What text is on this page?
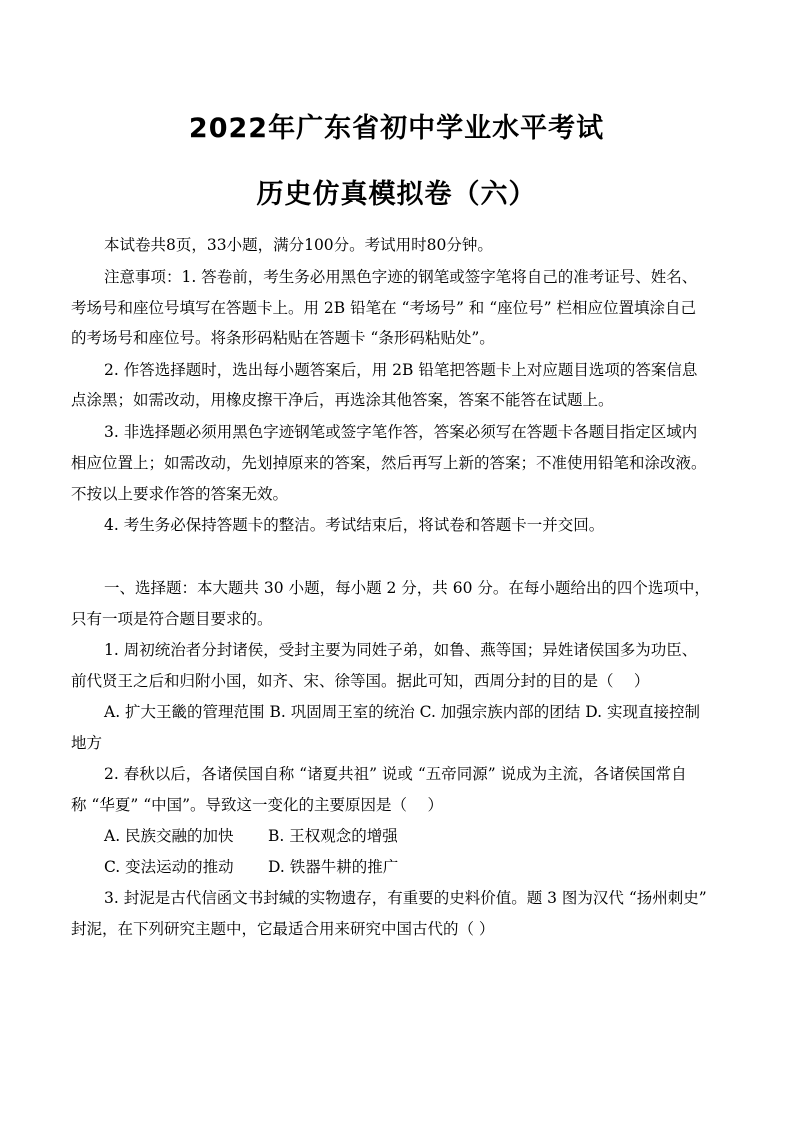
2022年广东省初中学业水平考试
历史仿真模拟卷（六）
本试卷共8页，33小题，满分100分。考试用时80分钟。
注意事项：1. 答卷前，考生务必用黑色字迹的钢笔或签字笔将自己的准考证号、姓名、
考场号和座位号填写在答题卡上。用 2B 铅笔在 “考场号” 和 “座位号” 栏相应位置填涂自己
的考场号和座位号。将条形码粘贴在答题卡 “条形码粘贴处”。
2. 作答选择题时，选出每小题答案后，用 2B 铅笔把答题卡上对应题目选项的答案信息
点涂黑；如需改动，用橡皮擦干净后，再选涂其他答案，答案不能答在试题上。
3. 非选择题必须用黑色字迹钢笔或签字笔作答，答案必须写在答题卡各题目指定区域内
相应位置上；如需改动，先划掉原来的答案，然后再写上新的答案；不准使用铅笔和涂改液。
不按以上要求作答的答案无效。
4. 考生务必保持答题卡的整洁。考试结束后，将试卷和答题卡一并交回。
一、选择题：本大题共 30 小题，每小题 2 分，共 60 分。在每小题给出的四个选项中，
只有一项是符合题目要求的。
1. 周初统治者分封诸侯，受封主要为同姓子弟，如鲁、燕等国；异姓诸侯国多为功臣、
前代贤王之后和归附小国，如齐、宋、徐等国。据此可知，西周分封的目的是（　 ）
A. 扩大王畿的管理范围 B. 巩固周王室的统治 C. 加强宗族内部的团结 D. 实现直接控制
地方
2. 春秋以后，各诸侯国自称 “诸夏共祖” 说或 “五帝同源” 说成为主流，各诸侯国常自
称 “华夏” “中国”。导致这一变化的主要原因是（　 ）
A. 民族交融的加快 B. 王权观念的增强
C. 变法运动的推动 D. 铁器牛耕的推广
3. 封泥是古代信函文书封缄的实物遗存，有重要的史料价值。题 3 图为汉代 “扬州刺史”
封泥，在下列研究主题中，它最适合用来研究中国古代的（ ）
